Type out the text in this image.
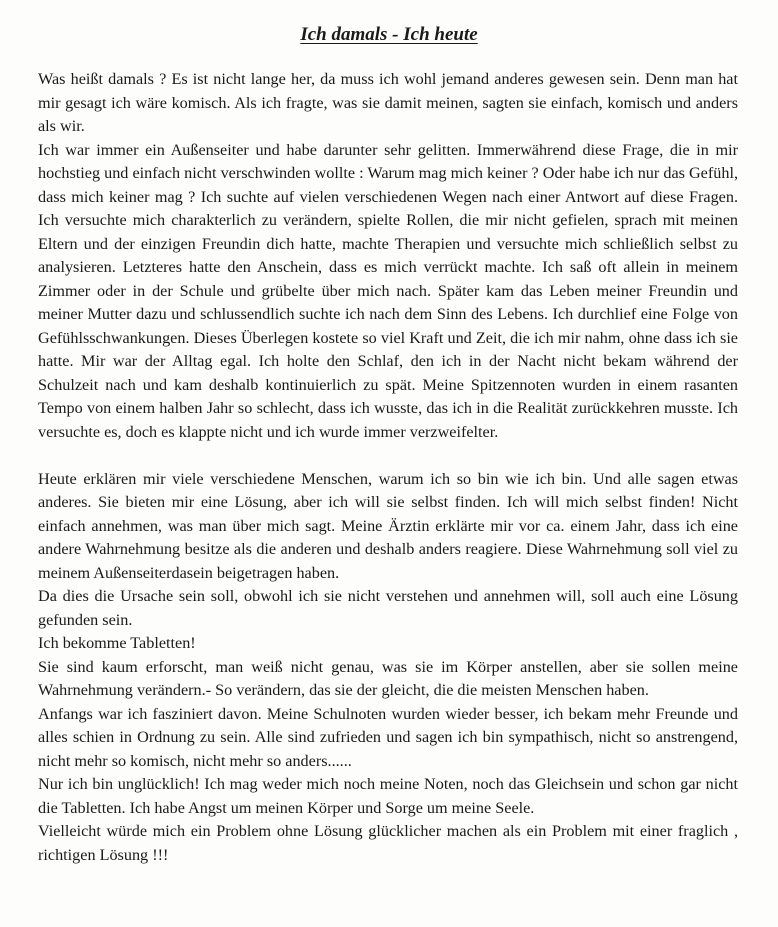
Ich damals - Ich heute

Was heißt damals ? Es ist nicht lange her, da muss ich wohl jemand anderes gewesen sein. Denn man hat mir gesagt ich wäre komisch. Als ich fragte, was sie damit meinen, sagten sie einfach, komisch und anders als wir.

Ich war immer ein Außenseiter und habe darunter sehr gelitten. Immerwährend diese Frage, die in mir hochstieg und einfach nicht verschwinden wollte : Warum mag mich keiner ? Oder habe ich nur das Gefühl, dass mich keiner mag ? Ich suchte auf vielen verschiedenen Wegen nach einer Antwort auf diese Fragen. Ich versuchte mich charakterlich zu verändern, spielte Rollen, die mir nicht gefielen, sprach mit meinen Eltern und der einzigen Freundin dich hatte, machte Therapien und versuchte mich schließlich selbst zu analysieren. Letzteres hatte den Anschein, dass es mich verrückt machte. Ich saß oft allein in meinem Zimmer oder in der Schule und grübelte über mich nach. Später kam das Leben meiner Freundin und meiner Mutter dazu und schlussendlich suchte ich nach dem Sinn des Lebens. Ich durchlief eine Folge von Gefühlsschwankungen. Dieses Überlegen kostete so viel Kraft und Zeit, die ich mir nahm, ohne dass ich sie hatte. Mir war der Alltag egal. Ich holte den Schlaf, den ich in der Nacht nicht bekam während der Schulzeit nach und kam deshalb kontinuierlich zu spät. Meine Spitzennoten wurden in einem rasanten Tempo von einem halben Jahr so schlecht, dass ich wusste, das ich in die Realität zurückkehren musste. Ich versuchte es, doch es klappte nicht und ich wurde immer verzweifelter.

Heute erklären mir viele verschiedene Menschen, warum ich so bin wie ich bin. Und alle sagen etwas anderes. Sie bieten mir eine Lösung, aber ich will sie selbst finden. Ich will mich selbst finden! Nicht einfach annehmen, was man über mich sagt. Meine Ärztin erklärte mir vor ca. einem Jahr, dass ich eine andere Wahrnehmung besitze als die anderen und deshalb anders reagiere. Diese Wahrnehmung soll viel zu meinem Außenseiterdasein beigetragen haben.

Da dies die Ursache sein soll, obwohl ich sie nicht verstehen und annehmen will, soll auch eine Lösung gefunden sein.

Ich bekomme Tabletten!

Sie sind kaum erforscht, man weiß nicht genau, was sie im Körper anstellen, aber sie sollen meine Wahrnehmung verändern.- So verändern, das sie der gleicht, die die meisten Menschen haben.

Anfangs war ich fasziniert davon. Meine Schulnoten wurden wieder besser, ich bekam mehr Freunde und alles schien in Ordnung zu sein. Alle sind zufrieden und sagen ich bin sympathisch, nicht so anstrengend, nicht mehr so komisch, nicht mehr so anders......

Nur ich bin unglücklich! Ich mag weder mich noch meine Noten, noch das Gleichsein und schon gar nicht die Tabletten. Ich habe Angst um meinen Körper und Sorge um meine Seele.

Vielleicht würde mich ein Problem ohne Lösung glücklicher machen als ein Problem mit einer fraglich , richtigen Lösung !!!
